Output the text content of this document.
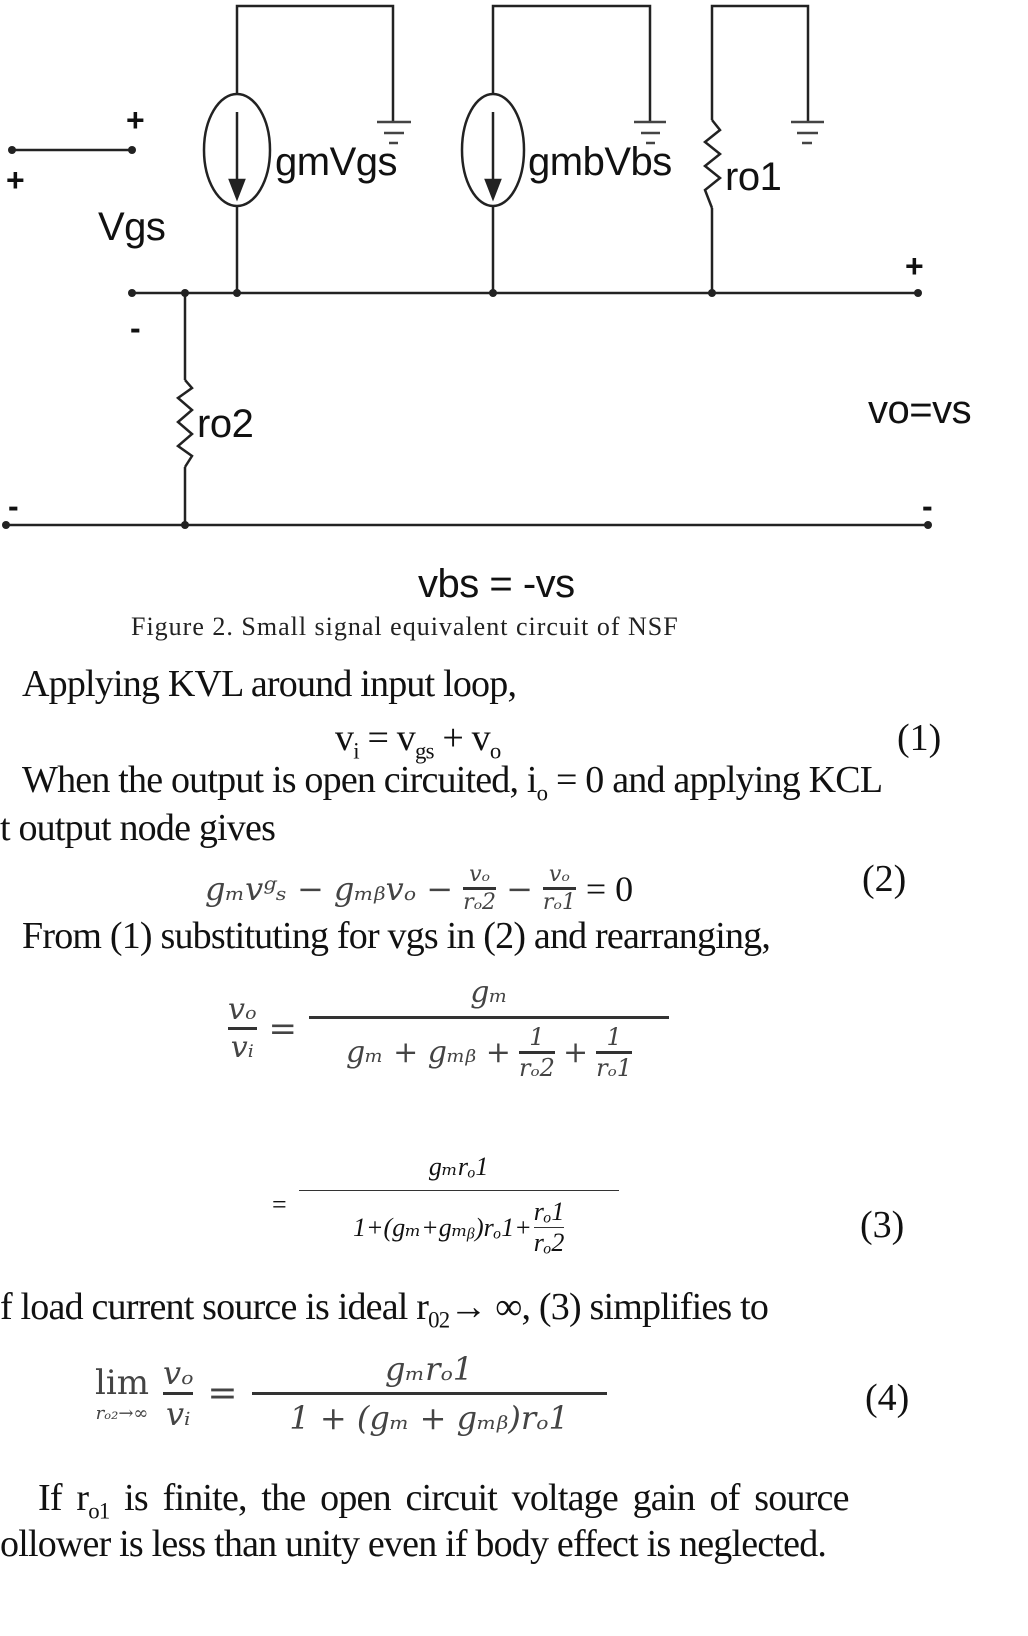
+
+
Vgs
-
gmVgs	gmbVbs ro1
ro2
+
vo=vs
-	-
vbs = -vs
Figure 2. Small signal equivalent circuit of NSF
Applying KVL around input loop,
$v_i = v_{gs} + v_o$	(1)
When the output is open circuited, $i_o = 0$ and applying KCL
t output node gives
gₘvᵍₛ − gₘᵦvₒ − $\frac{\text{vₒ}}{\text{rₒ2}} - \frac{\text{vₒ}}{\text{rₒ1}} = 0$	(2)
From (1) substituting for vgs in (2) and rearranging,
$\frac{\text{vₒ}}{\text{vᵢ}} = \frac{\text{gₘ}}{g_m + g_mᵦ + \frac{1}{\text{rₒ2}} + \frac{1}{\text{rₒ1}}}$
= $\frac{\text{gₘrₒ1}}{1+(g_m+g_mᵦ)r_o1+ \frac{\text{rₒ1}}{\text{rₒ2}}}$	(3)
f load current source is ideal $r_{02}\to$ ∞, (3) simplifies to
lim
$r_{o2}\to\infty \frac{\text{vₒ}}{\text{vᵢ}} = \frac{\text{gₘrₒ1}}{\text{1 + (gₘ + gₘᵦ)rₒ1}}$	(4)
If $r_{o1}$ is finite, the open circuit voltage gain of source
ollower is less than unity even if body effect is neglected.
